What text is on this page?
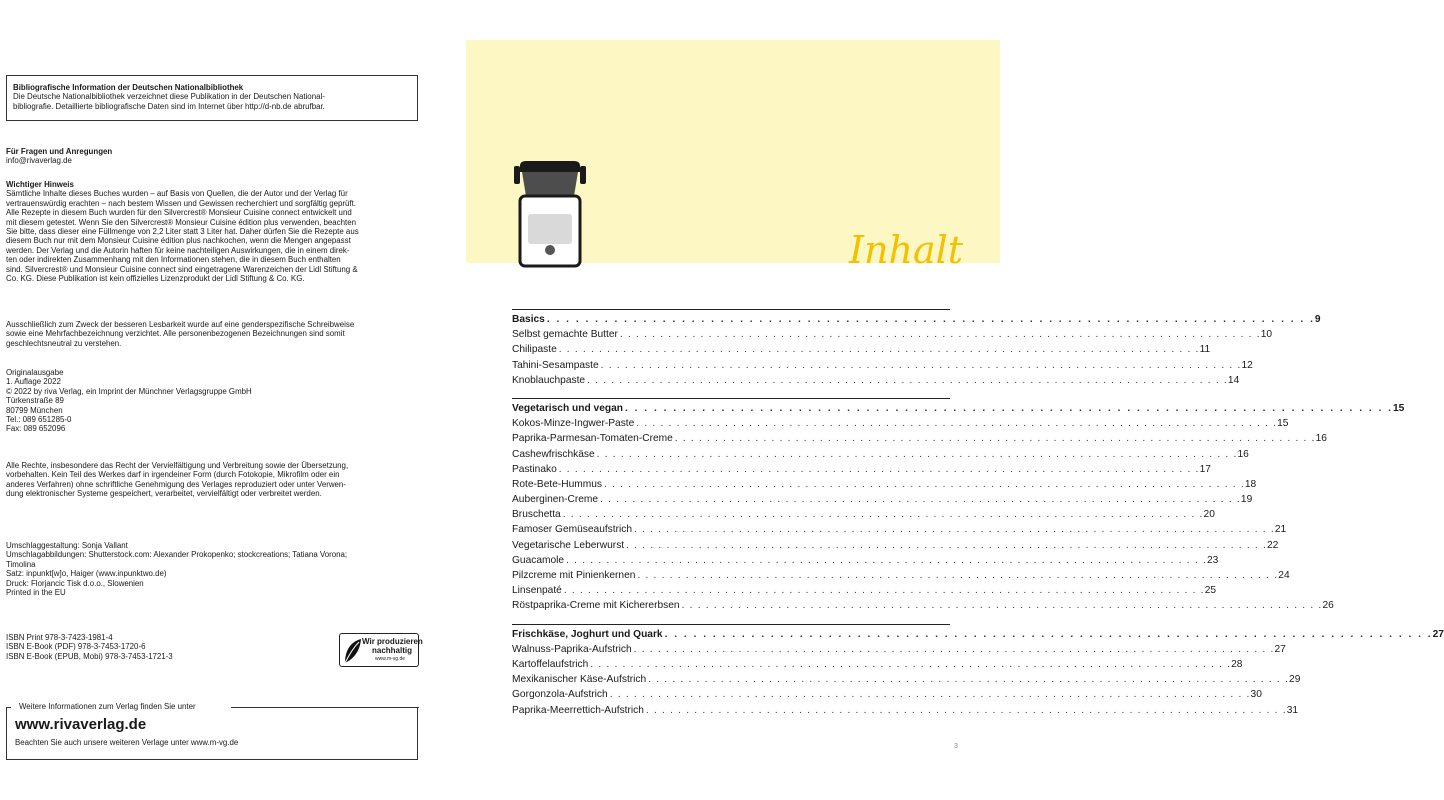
Bibliografische Information der Deutschen Nationalbibliothek

Die Deutsche Nationalbibliothek verzeichnet diese Publikation in der Deutschen National-
bibliografie. Detaillierte bibliografische Daten sind im Internet über http://d-nb.de abrufbar.

Für Fragen und Anregungen

info@rivaverlag.de

Wichtiger Hinweis

Sämtliche Inhalte dieses Buches wurden – auf Basis von Quellen, die der Autor und der Verlag für
vertrauenswürdig erachten – nach bestem Wissen und Gewissen recherchiert und sorgfältig geprüft.
Alle Rezepte in diesem Buch wurden für den Silvercrest® Monsieur Cuisine connect entwickelt und
mit diesem getestet. Wenn Sie den Silvercrest® Monsieur Cuisine édition plus verwenden, beachten
Sie bitte, dass dieser eine Füllmenge von 2,2 Liter statt 3 Liter hat. Daher dürfen Sie die Rezepte aus
diesem Buch nur mit dem Monsieur Cuisine édition plus nachkochen, wenn die Mengen angepasst
werden. Der Verlag und die Autorin haften für keine nachteiligen Auswirkungen, die in einem direk-
ten oder indirekten Zusammenhang mit den Informationen stehen, die in diesem Buch enthalten
sind. Silvercrest® und Monsieur Cuisine connect sind eingetragene Warenzeichen der Lidl Stiftung &
Co. KG. Diese Publikation ist kein offizielles Lizenzprodukt der Lidl Stiftung & Co. KG.

Ausschließlich zum Zweck der besseren Lesbarkeit wurde auf eine genderspezifische Schreibweise
sowie eine Mehrfachbezeichnung verzichtet. Alle personenbezogenen Bezeichnungen sind somit
geschlechtsneutral zu verstehen.

Originalausgabe
1. Auflage 2022
© 2022 by riva Verlag, ein Imprint der Münchner Verlagsgruppe GmbH
Türkenstraße 89
80799 München
Tel.: 089 651285-0
Fax: 089 652096

Alle Rechte, insbesondere das Recht der Vervielfältigung und Verbreitung sowie der Übersetzung,
vorbehalten. Kein Teil des Werkes darf in irgendeiner Form (durch Fotokopie, Mikrofilm oder ein
anderes Verfahren) ohne schriftliche Genehmigung des Verlages reproduziert oder unter Verwen-
dung elektronischer Systeme gespeichert, verarbeitet, vervielfältigt oder verbreitet werden.

Umschlaggestaltung: Sonja Vallant
Umschlagabbildungen: Shutterstock.com: Alexander Prokopenko; stockcreations; Tatiana Vorona;
Timolina
Satz: inpunkt[w]o, Haiger (www.inpunktwo.de)
Druck: Florjancic Tisk d.o.o., Slowenien
Printed in the EU

ISBN Print 978-3-7423-1981-4
ISBN E-Book (PDF) 978-3-7453-1720-6
ISBN E-Book (EPUB, Mobi) 978-3-7453-1721-3

Wir produzieren
nachhaltig
www.m-vg.de
Weitere Informationen zum Verlag finden Sie unter
www.rivaverlag.de
Beachten Sie auch unsere weiteren Verlage unter www.m-vg.de
Inhalt
Basics . . . . . . . . . . . . . . . . . . . . . . . . . . . . . . . . . . . . . . . . . . . . . . . . . . . . . . . . . . . . . . . . . . . . . . . . . . . . . . . . 9
Selbst gemachte Butter . . . . . . . . . . . . . . . . . . . . . . . . . . . . . . . . . . . . . . . . . . . . . . . . . . . . . . . . . . . . . . . . . . . . . . . . . . . . . . . . 10
Chilipaste . . . . . . . . . . . . . . . . . . . . . . . . . . . . . . . . . . . . . . . . . . . . . . . . . . . . . . . . . . . . . . . . . . . . . . . . . . . . . . . . 11
Tahini-Sesampaste . . . . . . . . . . . . . . . . . . . . . . . . . . . . . . . . . . . . . . . . . . . . . . . . . . . . . . . . . . . . . . . . . . . . . . . . . . . . . . . . 12
Knoblauchpaste . . . . . . . . . . . . . . . . . . . . . . . . . . . . . . . . . . . . . . . . . . . . . . . . . . . . . . . . . . . . . . . . . . . . . . . . . . . . . . . . 14
Vegetarisch und vegan . . . . . . . . . . . . . . . . . . . . . . . . . . . . . . . . . . . . . . . . . . . . . . . . . . . . . . . . . . . . . . . . . . . . . . . . . . . . . . . . 15
Kokos-Minze-Ingwer-Paste . . . . . . . . . . . . . . . . . . . . . . . . . . . . . . . . . . . . . . . . . . . . . . . . . . . . . . . . . . . . . . . . . . . . . . . . . . . . . . . . 15
Paprika-Parmesan-Tomaten-Creme . . . . . . . . . . . . . . . . . . . . . . . . . . . . . . . . . . . . . . . . . . . . . . . . . . . . . . . . . . . . . . . . . . . . . . . . . . . . . . . . 16
Cashewfrischkäse . . . . . . . . . . . . . . . . . . . . . . . . . . . . . . . . . . . . . . . . . . . . . . . . . . . . . . . . . . . . . . . . . . . . . . . . . . . . . . . . 16
Pastinako . . . . . . . . . . . . . . . . . . . . . . . . . . . . . . . . . . . . . . . . . . . . . . . . . . . . . . . . . . . . . . . . . . . . . . . . . . . . . . . . 17
Rote-Bete-Hummus . . . . . . . . . . . . . . . . . . . . . . . . . . . . . . . . . . . . . . . . . . . . . . . . . . . . . . . . . . . . . . . . . . . . . . . . . . . . . . . . 18
Auberginen-Creme . . . . . . . . . . . . . . . . . . . . . . . . . . . . . . . . . . . . . . . . . . . . . . . . . . . . . . . . . . . . . . . . . . . . . . . . . . . . . . . . 19
Bruschetta . . . . . . . . . . . . . . . . . . . . . . . . . . . . . . . . . . . . . . . . . . . . . . . . . . . . . . . . . . . . . . . . . . . . . . . . . . . . . . . . 20
Famoser Gemüseaufstrich . . . . . . . . . . . . . . . . . . . . . . . . . . . . . . . . . . . . . . . . . . . . . . . . . . . . . . . . . . . . . . . . . . . . . . . . . . . . . . . . 21
Vegetarische Leberwurst . . . . . . . . . . . . . . . . . . . . . . . . . . . . . . . . . . . . . . . . . . . . . . . . . . . . . . . . . . . . . . . . . . . . . . . . . . . . . . . . 22
Guacamole . . . . . . . . . . . . . . . . . . . . . . . . . . . . . . . . . . . . . . . . . . . . . . . . . . . . . . . . . . . . . . . . . . . . . . . . . . . . . . . . 23
Pilzcreme mit Pinienkernen . . . . . . . . . . . . . . . . . . . . . . . . . . . . . . . . . . . . . . . . . . . . . . . . . . . . . . . . . . . . . . . . . . . . . . . . . . . . . . . . 24
Linsenpaté . . . . . . . . . . . . . . . . . . . . . . . . . . . . . . . . . . . . . . . . . . . . . . . . . . . . . . . . . . . . . . . . . . . . . . . . . . . . . . . . 25
Röstpaprika-Creme mit Kichererbsen . . . . . . . . . . . . . . . . . . . . . . . . . . . . . . . . . . . . . . . . . . . . . . . . . . . . . . . . . . . . . . . . . . . . . . . . . . . . . . . . 26
Frischkäse, Joghurt und Quark . . . . . . . . . . . . . . . . . . . . . . . . . . . . . . . . . . . . . . . . . . . . . . . . . . . . . . . . . . . . . . . . . . . . . . . . . . . . . . . . 27
Walnuss-Paprika-Aufstrich . . . . . . . . . . . . . . . . . . . . . . . . . . . . . . . . . . . . . . . . . . . . . . . . . . . . . . . . . . . . . . . . . . . . . . . . . . . . . . . . 27
Kartoffelaufstrich . . . . . . . . . . . . . . . . . . . . . . . . . . . . . . . . . . . . . . . . . . . . . . . . . . . . . . . . . . . . . . . . . . . . . . . . . . . . . . . . 28
Mexikanischer Käse-Aufstrich . . . . . . . . . . . . . . . . . . . . . . . . . . . . . . . . . . . . . . . . . . . . . . . . . . . . . . . . . . . . . . . . . . . . . . . . . . . . . . . . 29
Gorgonzola-Aufstrich . . . . . . . . . . . . . . . . . . . . . . . . . . . . . . . . . . . . . . . . . . . . . . . . . . . . . . . . . . . . . . . . . . . . . . . . . . . . . . . . 30
Paprika-Meerrettich-Aufstrich . . . . . . . . . . . . . . . . . . . . . . . . . . . . . . . . . . . . . . . . . . . . . . . . . . . . . . . . . . . . . . . . . . . . . . . . . . . . . . . . 31
3
